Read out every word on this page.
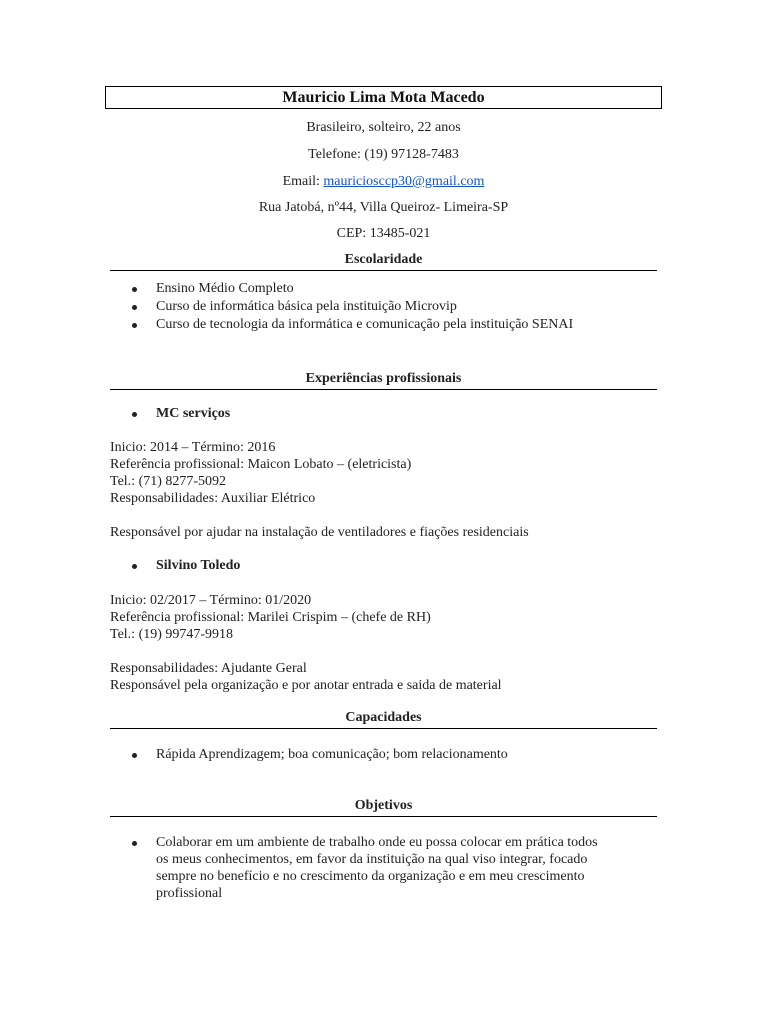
Mauricio Lima Mota Macedo
Brasileiro, solteiro, 22 anos
Telefone: (19) 97128-7483
Email: mauriciosccp30@gmail.com
Rua Jatobá, nº44, Villa Queiroz- Limeira-SP
CEP: 13485-021
Escolaridade
Ensino Médio Completo
Curso de informática básica pela instituição Microvip
Curso de tecnologia da informática e comunicação pela instituição SENAI
Experiências profissionais
MC serviços
Inicio: 2014 – Término: 2016
Referência profissional: Maicon Lobato – (eletricista)
Tel.: (71) 8277-5092
Responsabilidades: Auxiliar Elétrico
Responsável por ajudar na instalação de ventiladores e fiações residenciais
Silvino Toledo
Inicio: 02/2017 – Término: 01/2020
Referência profissional: Marilei Crispim – (chefe de RH)
Tel.: (19) 99747-9918
Responsabilidades: Ajudante Geral
Responsável pela organização e por anotar entrada e saida de material
Capacidades
Rápida Aprendizagem; boa comunicação; bom relacionamento
Objetivos
Colaborar em um ambiente de trabalho onde eu possa colocar em prática todos
os meus conhecimentos, em favor da instituição na qual viso integrar, focado
sempre no benefício e no crescimento da organização e em meu crescimento
profissional
